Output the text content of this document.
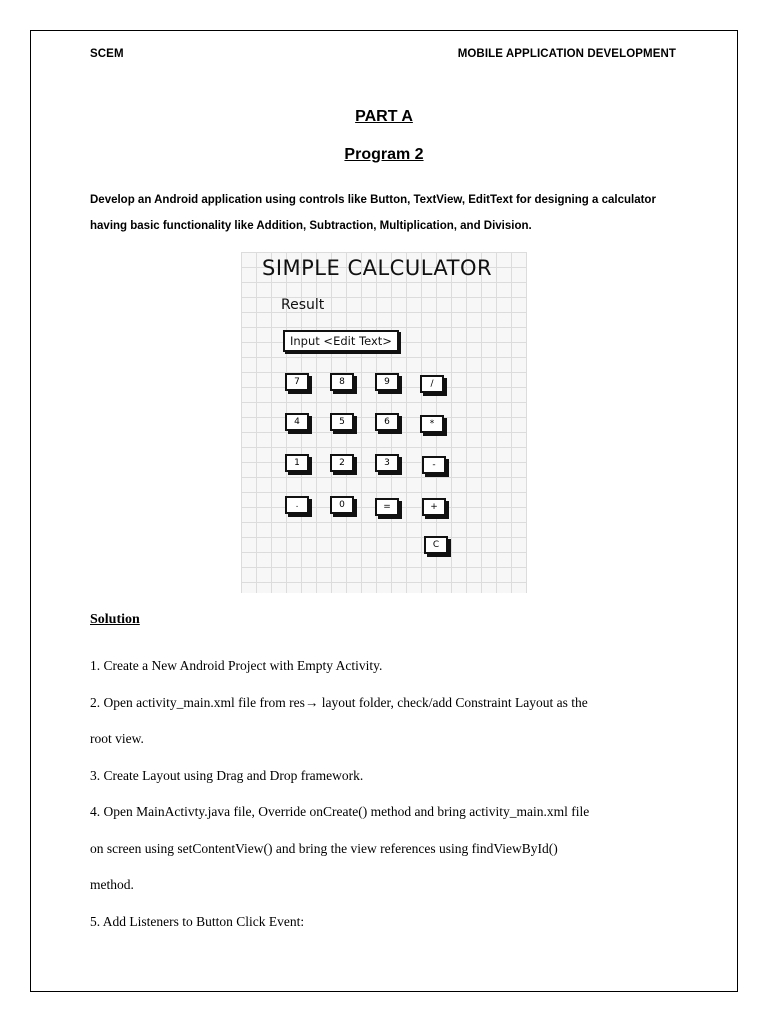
SCEM	MOBILE APPLICATION DEVELOPMENT
PART A
Program 2
Develop an Android application using controls like Button, TextView, EditText for designing a calculator
having basic functionality like Addition, Subtraction, Multiplication, and Division.
SIMPLE CALCULATOR
Result
Input <Edit Text>
7	8	9	/
4	5	6	*
1	2	3	-
.	0	=	+
C
Solution

1. Create a New Android Project with Empty Activity.

2. Open activity_main.xml file from res→ layout folder, check/add Constraint Layout as the

root view.

3. Create Layout using Drag and Drop framework.

4. Open MainActivty.java file, Override onCreate() method and bring activity_main.xml file

on screen using setContentView() and bring the view references using findViewById()

method.

5. Add Listeners to Button Click Event:
